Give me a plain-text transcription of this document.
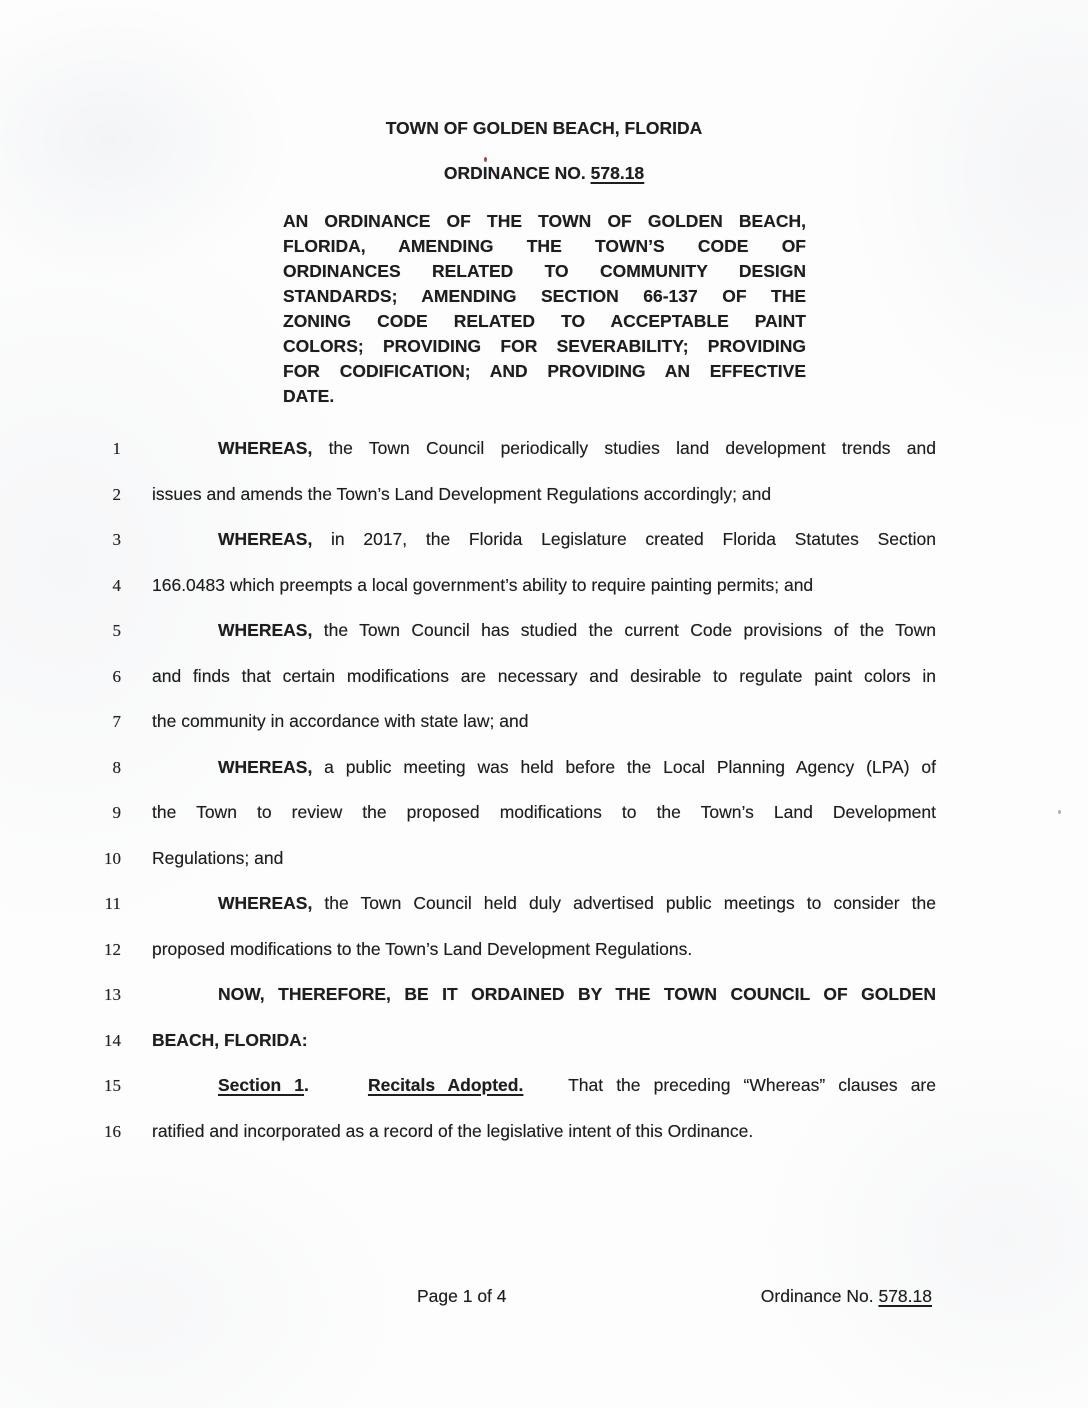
TOWN OF GOLDEN BEACH, FLORIDA
ORDINANCE NO. 578.18
AN ORDINANCE OF THE TOWN OF GOLDEN BEACH,
FLORIDA, AMENDING THE TOWN’S CODE OF
ORDINANCES RELATED TO COMMUNITY DESIGN
STANDARDS; AMENDING SECTION 66-137 OF THE
ZONING CODE RELATED TO ACCEPTABLE PAINT
COLORS; PROVIDING FOR SEVERABILITY; PROVIDING
FOR CODIFICATION; AND PROVIDING AN EFFECTIVE
DATE.
1	WHEREAS, the Town Council periodically studies land development trends and
2 issues and amends the Town’s Land Development Regulations accordingly; and
3	WHEREAS, in 2017, the Florida Legislature created Florida Statutes Section
4 166.0483 which preempts a local government’s ability to require painting permits; and
5	WHEREAS, the Town Council has studied the current Code provisions of the Town
6 and finds that certain modifications are necessary and desirable to regulate paint colors in
7 the community in accordance with state law; and
8	WHEREAS, a public meeting was held before the Local Planning Agency (LPA) of
9 the Town to review the proposed modifications to the Town’s Land Development
10 Regulations; and
11	WHEREAS, the Town Council held duly advertised public meetings to consider the
12 proposed modifications to the Town’s Land Development Regulations.
13	NOW, THEREFORE, BE IT ORDAINED BY THE TOWN COUNCIL OF GOLDEN
14 BEACH, FLORIDA:
15	Section 1.	Recitals Adopted. That the preceding “Whereas” clauses are
16 ratified and incorporated as a record of the legislative intent of this Ordinance.
Page 1 of 4	Ordinance No. 578.18
